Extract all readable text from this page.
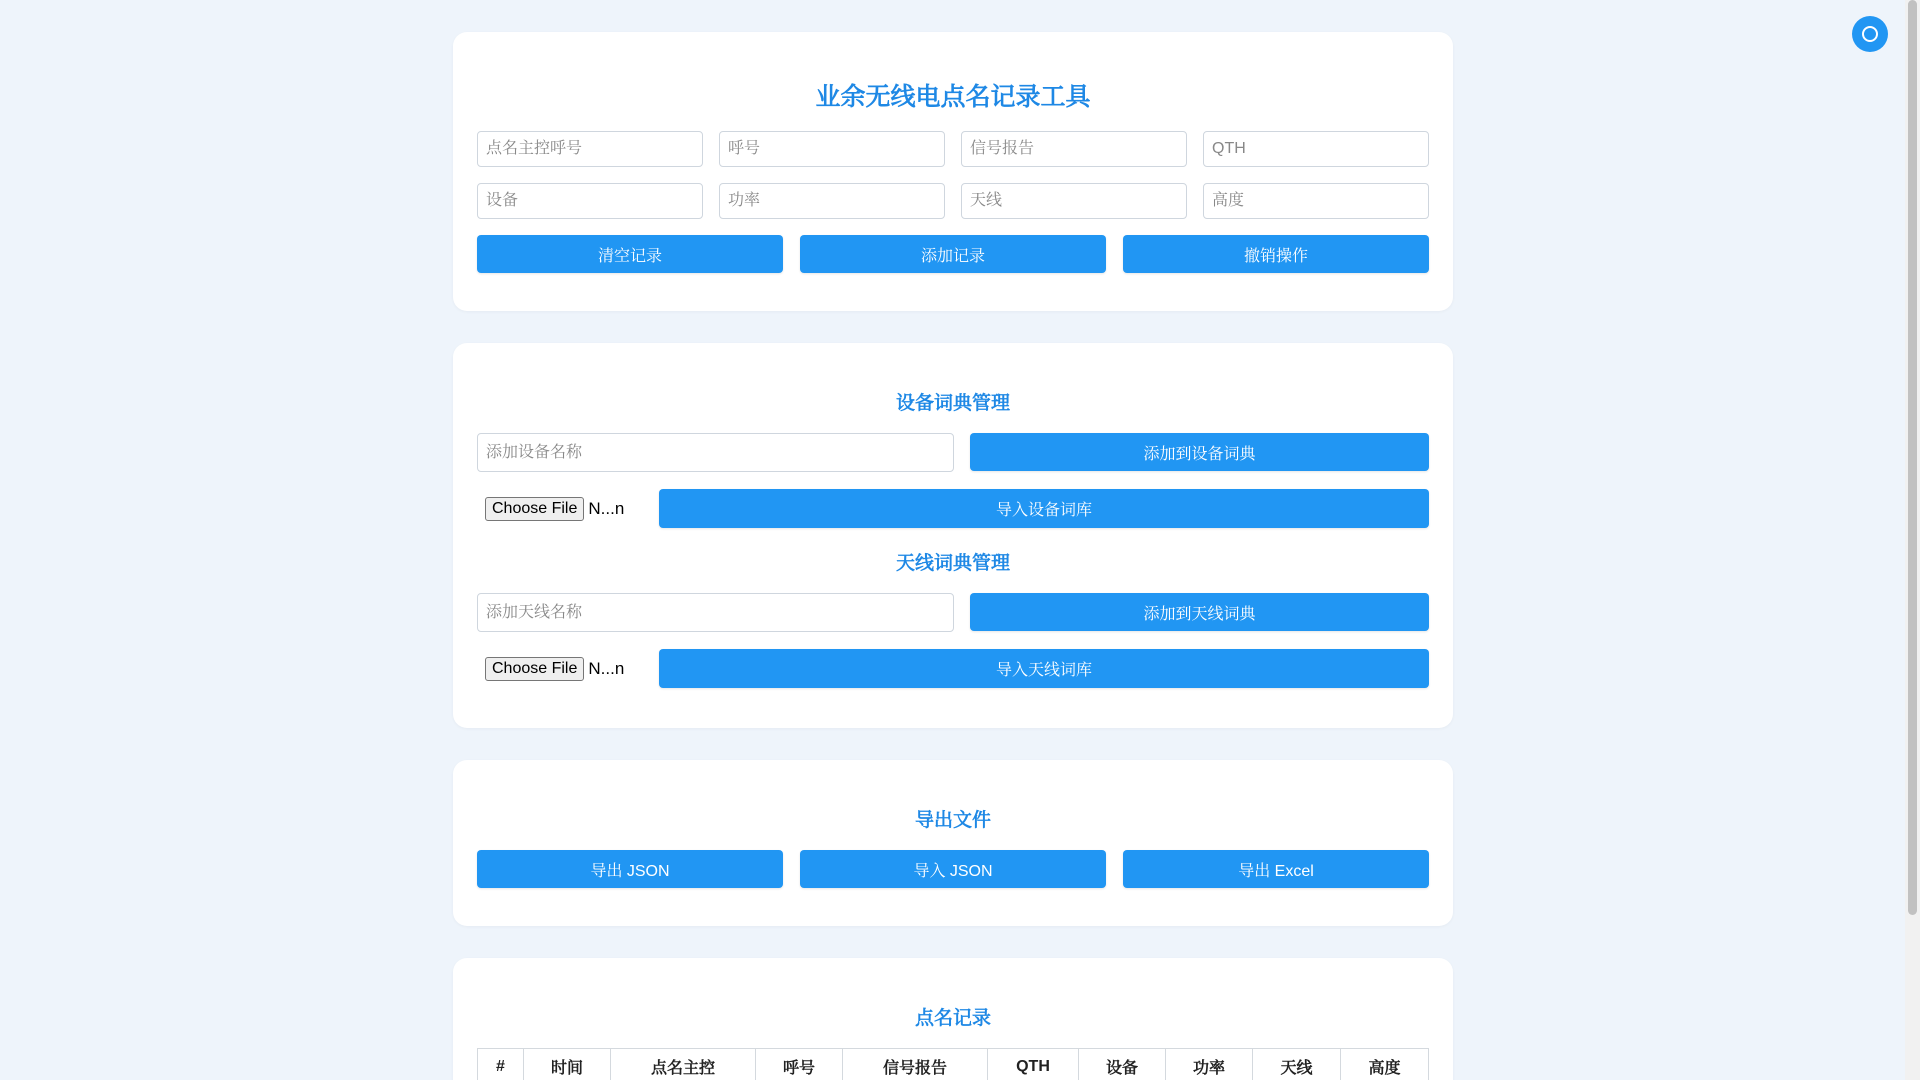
业余无线电点名记录工具
点名主控呼号
呼号
信号报告
QTH
设备
功率
天线
高度
清空记录	添加记录	撤销操作
设备词典管理
添加设备名称
添加到设备词典
Choose File N...n	导入设备词库
天线词典管理
添加天线名称
添加到天线词典
Choose File N...n	导入天线词库
导出文件
导出 JSON	导入 JSON	导出 Excel
点名记录
#	时间	点名主控	呼号	信号报告	QTH	设备	功率	天线	高度
